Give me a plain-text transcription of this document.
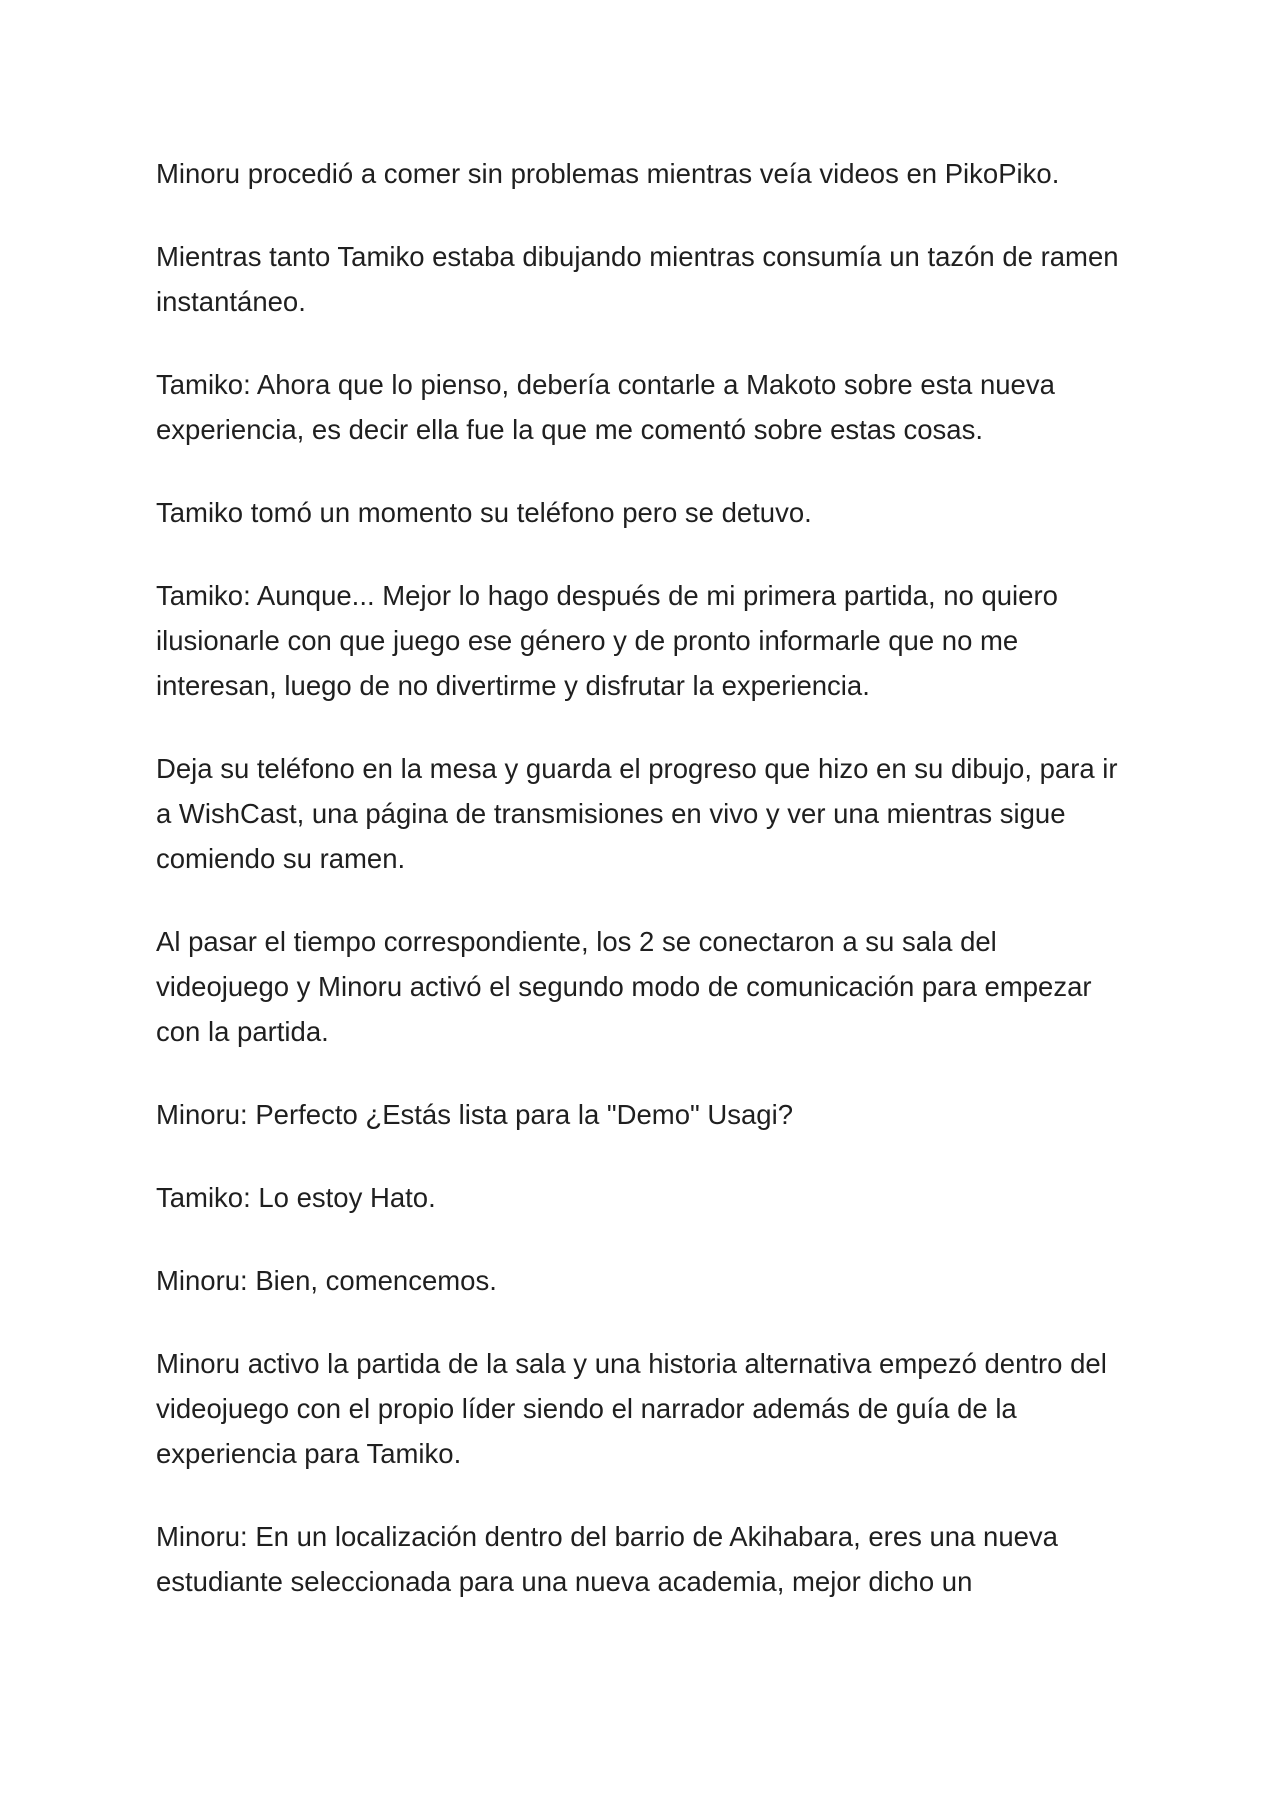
Minoru procedió a comer sin problemas mientras veía videos en PikoPiko.

Mientras tanto Tamiko estaba dibujando mientras consumía un tazón de ramen instantáneo.

Tamiko: Ahora que lo pienso, debería contarle a Makoto sobre esta nueva experiencia, es decir ella fue la que me comentó sobre estas cosas.

Tamiko tomó un momento su teléfono pero se detuvo.

Tamiko: Aunque... Mejor lo hago después de mi primera partida, no quiero ilusionarle con que juego ese género y de pronto informarle que no me interesan, luego de no divertirme y disfrutar la experiencia.

Deja su teléfono en la mesa y guarda el progreso que hizo en su dibujo, para ir a WishCast, una página de transmisiones en vivo y ver una mientras sigue comiendo su ramen.

Al pasar el tiempo correspondiente, los 2 se conectaron a su sala del videojuego y Minoru activó el segundo modo de comunicación para empezar con la partida.

Minoru: Perfecto ¿Estás lista para la "Demo" Usagi?

Tamiko: Lo estoy Hato.

Minoru: Bien, comencemos.

Minoru activo la partida de la sala y una historia alternativa empezó dentro del videojuego con el propio líder siendo el narrador además de guía de la experiencia para Tamiko.

Minoru: En un localización dentro del barrio de Akihabara, eres una nueva estudiante seleccionada para una nueva academia, mejor dicho un
